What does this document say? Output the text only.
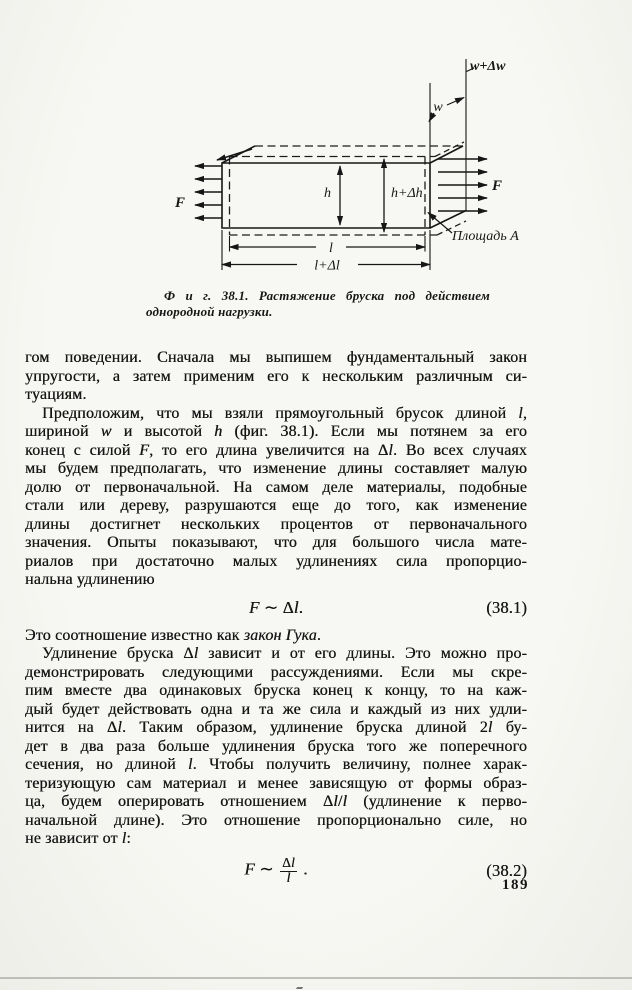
w+Δw
w
F
F
h	h+Δh
l
l+Δl
Площадь A
Ф и г. 38.1. Растяжение бруска под действием
однородной нагрузки.
гом поведении. Сначала мы выпишем фундаментальный закон
упругости, а затем применим его к нескольким различным си-
туациям.
Предположим, что мы взяли прямоугольный брусок длиной l,
шириной w и высотой h (фиг. 38.1). Если мы потянем за его
конец с силой F, то его длина увеличится на Δl. Во всех случаях
мы будем предполагать, что изменение длины составляет малую
долю от первоначальной. На самом деле материалы, подобные
стали или дереву, разрушаются еще до того, как изменение
длины достигнет нескольких процентов от первоначального
значения. Опыты показывают, что для большого числа мате-
риалов при достаточно малых удлинениях сила пропорцио-
нальна удлинению
F ∼ Δl.	(38.1)
Это соотношение известно как закон Гука.
Удлинение бруска Δl зависит и от его длины. Это можно про-
демонстрировать следующими рассуждениями. Если мы скре-
пим вместе два одинаковых бруска конец к концу, то на каж-
дый будет действовать одна и та же сила и каждый из них удли-
нится на Δl. Таким образом, удлинение бруска длиной 2l бу-
дет в два раза больше удлинения бруска того же поперечного
сечения, но длиной l. Чтобы получить величину, полнее харак-
теризующую сам материал и менее зависящую от формы образ-
ца, будем оперировать отношением Δl/l (удлинение к перво-
начальной длине). Это отношение пропорционально силе, но
не зависит от l:
F ∼ $\frac{\Delta l}{l}$ .	(38.2)
189
